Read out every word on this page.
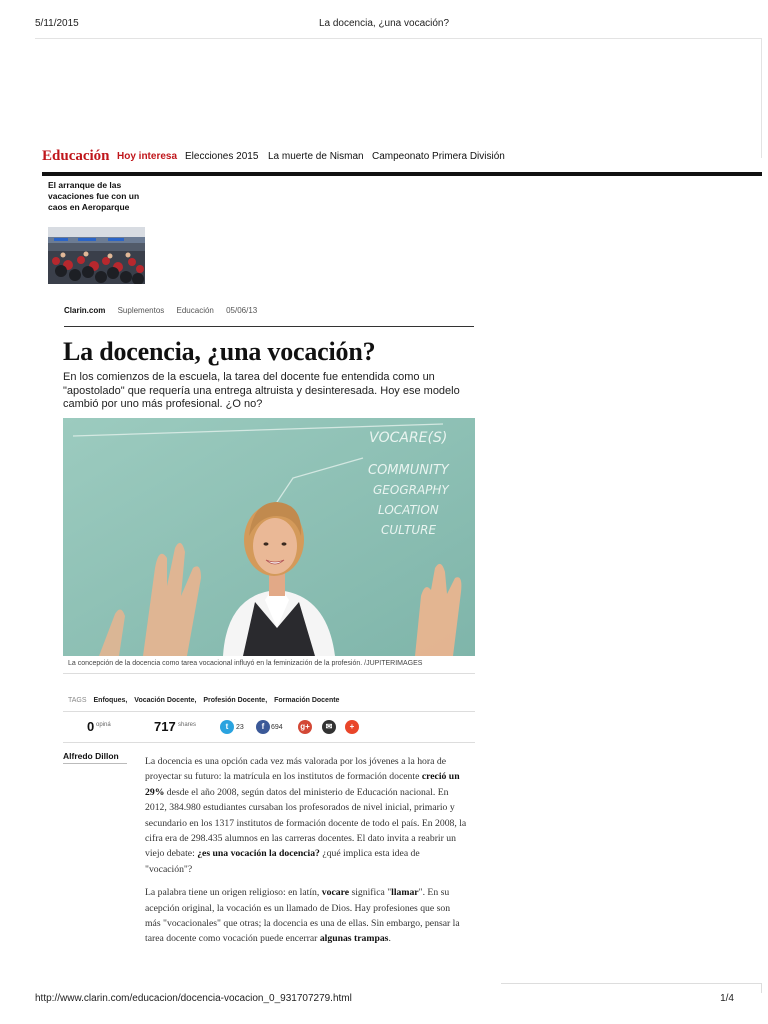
5/11/2015	La docencia, ¿una vocación?
Educación Hoy interesa Elecciones 2015 La muerte de Nisman Campeonato Primera División
El arranque de las vacaciones fue con un caos en Aeroparque
Clarin.com Suplementos Educación 05/06/13
La docencia, ¿una vocación?

En los comienzos de la escuela, la tarea del docente fue entendida como un "apostolado" que requería una entrega altruista y desinteresada. Hoy ese modelo cambió por uno más profesional. ¿O no?

VOCARE(S)
COMMUNITY
GEOGRAPHY
LOCATION
CULTURE
La concepción de la docencia como tarea vocacional influyó en la feminización de la profesión. /JUPITERIMAGES
TAGS Enfoques, Vocación Docente, Profesión Docente, Formación Docente
0 opiná	717 shares	t	23	f 694 g+	✉	+
Alfredo Dillon	La docencia es una opción cada vez más valorada por los jóvenes a la hora de proyectar su futuro: la matrícula en los institutos de formación docente creció un 29% desde el año 2008, según datos del ministerio de Educación nacional. En 2012, 384.980 estudiantes cursaban los profesorados de nivel inicial, primario y secundario en los 1317 institutos de formación docente de todo el país. En 2008, la cifra era de 298.435 alumnos en las carreras docentes. El dato invita a reabrir un viejo debate: ¿es una vocación la docencia? ¿qué implica esta idea de "vocación"?

La palabra tiene un origen religioso: en latín, vocare significa "llamar". En su acepción original, la vocación es un llamado de Dios. Hay profesiones que son más "vocacionales" que otras; la docencia es una de ellas. Sin embargo, pensar la tarea docente como vocación puede encerrar algunas trampas.

http://www.clarin.com/educacion/docencia-vocacion_0_931707279.html	1/4
